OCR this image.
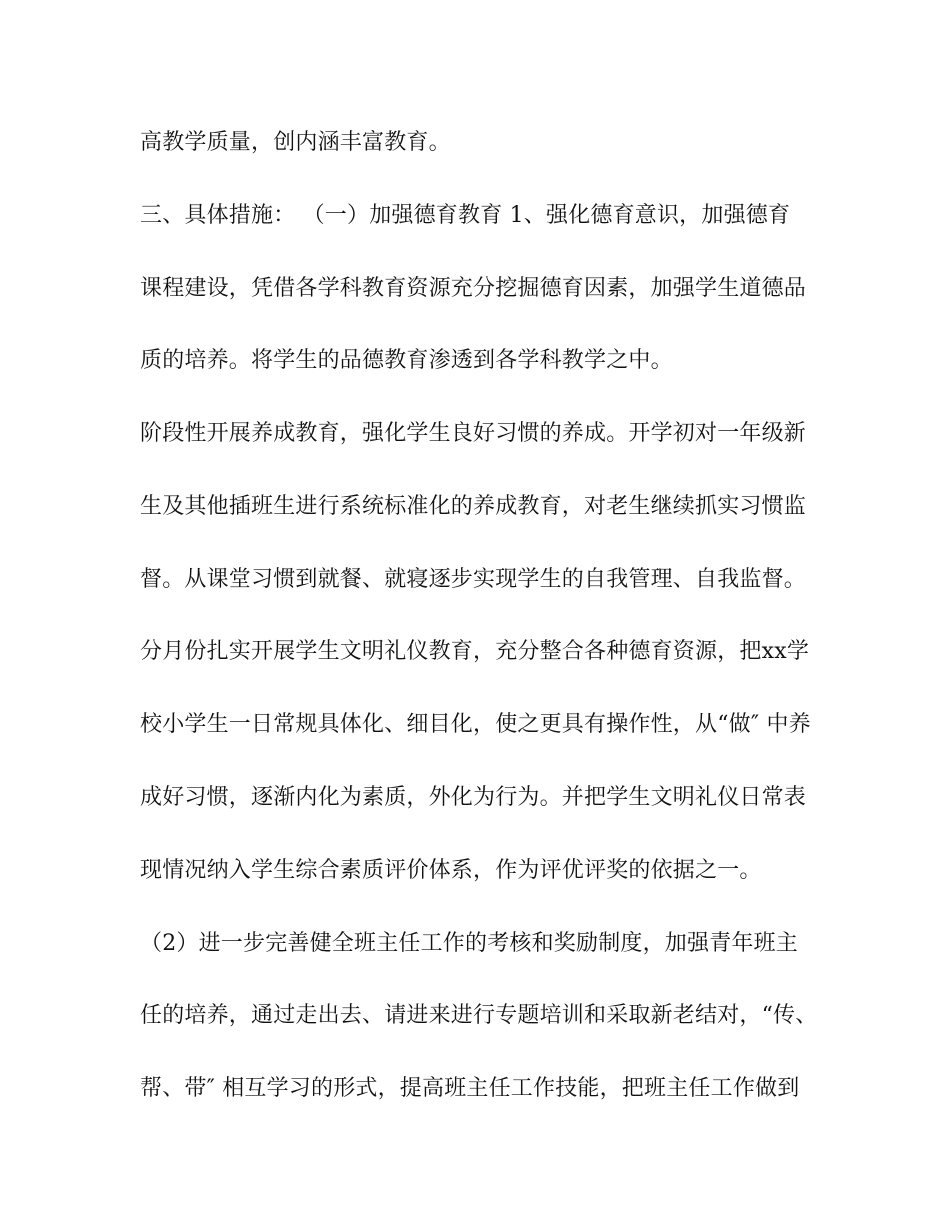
高教学质量，创内涵丰富教育。
三、具体措施： （一）加强德育教育 1、强化德育意识，加强德育
课程建设，凭借各学科教育资源充分挖掘德育因素，加强学生道德品
质的培养。将学生的品德教育渗透到各学科教学之中。
阶段性开展养成教育，强化学生良好习惯的养成。开学初对一年级新
生及其他插班生进行系统标准化的养成教育，对老生继续抓实习惯监
督。从课堂习惯到就餐、就寝逐步实现学生的自我管理、自我监督。
分月份扎实开展学生文明礼仪教育，充分整合各种德育资源，把xx学
校小学生一日常规具体化、细目化，使之更具有操作性，从“做″ 中养
成好习惯，逐渐内化为素质，外化为行为。并把学生文明礼仪日常表
现情况纳入学生综合素质评价体系，作为评优评奖的依据之一。
（2）进一步完善健全班主任工作的考核和奖励制度，加强青年班主
任的培养，通过走出去、请进来进行专题培训和采取新老结对，“传、
帮、带″ 相互学习的形式，提高班主任工作技能，把班主任工作做到
